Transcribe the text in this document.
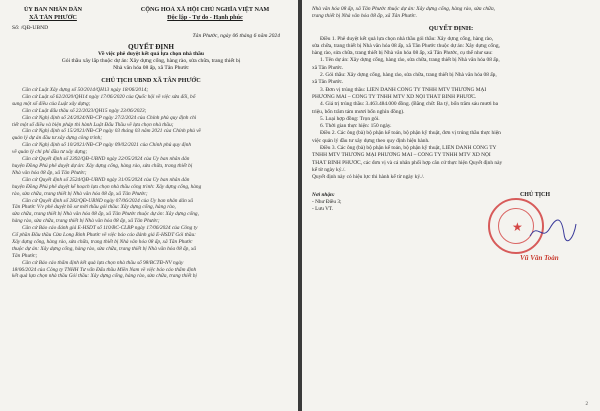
ỦY BAN NHÂN DÂN
XÃ TÂN PHƯỚC
Số: /QĐ-UBND
CỘNG HOÀ XÃ HỘI CHỦ NGHĨA VIỆT NAM
Độc lập - Tự do - Hạnh phúc
Tân Phước, ngày 06 tháng 6 năm 2024
QUYẾT ĐỊNH
Về việc phê duyệt kết quả lựa chọn nhà thầu
Gói thầu xây lắp thuộc dự án: Xây dựng cổng, hàng rào, sửa chữa, trang thiết bị
Nhà văn hóa 08 ấp, xã Tân Phước
CHỦ TỊCH UBND XÃ TÂN PHƯỚC
Căn cứ Luật Xây dựng số 50/2014/QH13 ngày 18/06/2014;
Căn cứ Luật số 62/2020/QH14 ngày 17/06/2020 của Quốc hội về việc sửa đổi, bổ
sung một số điều của Luật xây dựng;
Căn cứ Luật đấu thầu số 22/2023/QH15 ngày 23/06/2023;
Căn cứ Nghị định số 24/2024/NĐ-CP ngày 27/2/2024 của Chính phủ quy định chi
tiết một số điều và biện pháp thi hành Luật Đấu Thầu về lựa chọn nhà thầu;
Căn cứ Nghị định số 15/2021/NĐ-CP ngày 03 tháng 03 năm 2021 của Chính phủ về
quản lý dự án đầu tư xây dựng công trình;
Căn cứ Nghị định số 10/2021/NĐ-CP ngày 09/02/2021 của Chính phủ quy định
về quản lý chi phí đầu tư xây dựng;
Căn cứ Quyết định số 2392/QĐ-UBND ngày 22/05/2024 của Ủy ban nhân dân
huyện Đồng Phú phê duyệt dự án: Xây dựng cổng, hàng rào, sửa chữa, trang thiết bị
Nhà văn hóa 08 ấp, xã Tân Phước;
Căn cứ Quyết định số 2524/QĐ-UBND ngày 31/05/2024 của Ủy ban nhân dân
huyện Đồng Phú phê duyệt kế hoạch lựa chọn nhà thầu công trình: Xây dựng cổng, hàng
rào, sửa chữa, trang thiết bị Nhà văn hóa 08 ấp, xã Tân Phước;
Căn cứ Quyết định số 282/QĐ-UBND ngày 07/06/2024 của Ủy ban nhân dân xã
Tân Phước V/v phê duyệt hồ sơ mời thầu gói thầu: Xây dựng cổng, hàng rào,
sửa chữa, trang thiết bị Nhà văn hóa 08 ấp, xã Tân Phước thuộc dự án: Xây dựng cổng,
hàng rào, sửa chữa, trang thiết bị Nhà văn hóa 08 ấp, xã Tân Phước;
Căn cứ Báo cáo đánh giá E-HSDT số 110/BC-CLBP ngày 17/06/2024 của Công ty
Cổ phần Đầu thầu Cửa Long Bình Phước về việc báo cáo đánh giá E-HSDT Gói thầu:
Xây dựng cổng, hàng rào, sửa chữa, trang thiết bị Nhà văn hóa 08 ấp, xã Tân Phước
thuộc dự án: Xây dựng cổng, hàng rào, sửa chữa, trang thiết bị Nhà văn hóa 08 ấp, xã
Tân Phước;
Căn cứ Báo cáo thẩm định kết quả lựa chọn nhà thầu số 98/BCTĐ-NV ngày
18/06/2024 của Công ty TNHH Tư vấn Đấu thầu Miền Nam về việc báo cáo thẩm định
kết quả lựa chọn nhà thầu Gói thầu: Xây dựng cổng, hàng rào, sửa chữa, trang thiết bị
Nhà văn hóa 08 ấp, xã Tân Phước thuộc dự án: Xây dựng cổng, hàng rào, sửa chữa,
trang thiết bị Nhà văn hóa 08 ấp, xã Tân Phước.
QUYẾT ĐỊNH:
Điều 1. Phê duyệt kết quả lựa chọn nhà thầu gói thầu: Xây dựng cổng, hàng rào,
sửa chữa, trang thiết bị Nhà văn hóa 08 ấp, xã Tân Phước thuộc dự án: Xây dựng cổng,
hàng rào, sửa chữa, trang thiết bị Nhà văn hóa 08 ấp, xã Tân Phước, cụ thể như sau:
1. Tên dự án: Xây dựng cổng, hàng rào, sửa chữa, trang thiết bị Nhà văn hóa 08 ấp,
xã Tân Phước.
2. Gói thầu: Xây dựng cổng, hàng rào, sửa chữa, trang thiết bị Nhà văn hóa 08 ấp,
xã Tân Phước.
3. Đơn vị trúng thầu: LIÊN DANH CÔNG TY TNHH MTV THƯƠNG MẠI
PHƯƠNG MAI – CÔNG TY TNHH MTV XD NỘI THẤT BÌNH PHƯỚC.
4. Giá trị trúng thầu: 3.463.484.000 đồng. (Bằng chữ: Ba tỷ, bốn trăm sáu mươi ba
triệu, bốn trăm tám mươi bốn nghìn đồng).
5. Loại hợp đồng: Trọn gói.
6. Thời gian thực hiện: 150 ngày.
Điều 2. Các ông (bà) bộ phận kế toán, bộ phận kỹ thuật, đơn vị trúng thầu thực hiện
việc quản lý đầu tư xây dựng theo quy định hiện hành.
Điều 3. Các ông (bà) bộ phận kế toán, bộ phận kỹ thuật, LIÊN DANH CÔNG TY
TNHH MTV THƯƠNG MẠI PHƯƠNG MAI – CÔNG TY TNHH MTV XD NỘI
THẤT BÌNH PHƯỚC, các đơn vị và cá nhân phối hợp căn cứ thực hiện Quyết định này
kể từ ngày ký./.
Quyết định này có hiệu lực thi hành kể từ ngày ký./.
Nơi nhận:
- Như Điều 3;
- Lưu VT.
CHỦ TỊCH
★
Vũ Văn Toàn
2
